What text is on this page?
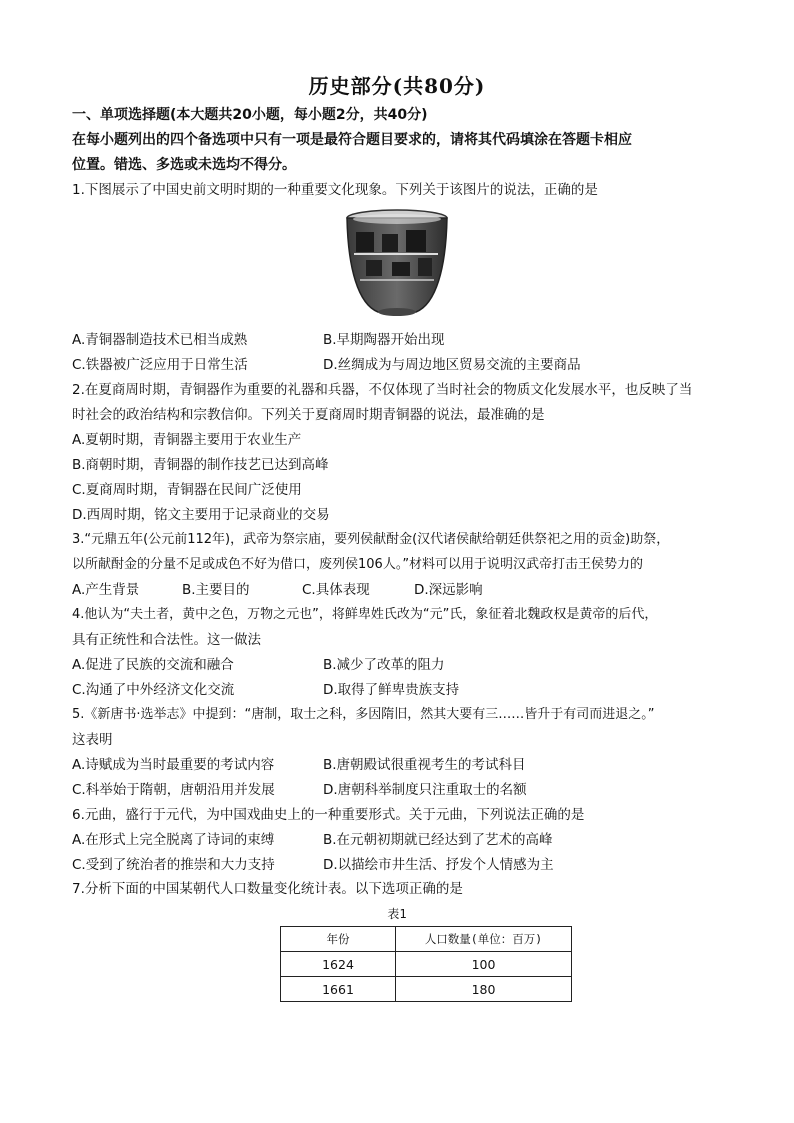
历史部分(共80分)
一、单项选择题(本大题共20小题，每小题2分，共40分)
在每小题列出的四个备选项中只有一项是最符合题目要求的，请将其代码填涂在答题卡相应
位置。错选、多选或未选均不得分。
1.下图展示了中国史前文明时期的一种重要文化现象。下列关于该图片的说法，正确的是
A.青铜器制造技术已相当成熟	B.早期陶器开始出现
C.铁器被广泛应用于日常生活	D.丝绸成为与周边地区贸易交流的主要商品
2.在夏商周时期，青铜器作为重要的礼器和兵器，不仅体现了当时社会的物质文化发展水平，也反映了当
时社会的政治结构和宗教信仰。下列关于夏商周时期青铜器的说法，最准确的是
A.夏朝时期，青铜器主要用于农业生产
B.商朝时期，青铜器的制作技艺已达到高峰
C.夏商周时期，青铜器在民间广泛使用
D.西周时期，铭文主要用于记录商业的交易
3.“元鼎五年(公元前112年)，武帝为祭宗庙，要列侯献酎金(汉代诸侯献给朝廷供祭祀之用的贡金)助祭，
以所献酎金的分量不足或成色不好为借口，废列侯106人。”材料可以用于说明汉武帝打击王侯势力的
A.产生背景	B.主要目的	C.具体表现	D.深远影响
4.他认为“夫土者，黄中之色，万物之元也”，将鲜卑姓氏改为“元”氏，象征着北魏政权是黄帝的后代，
具有正统性和合法性。这一做法
A.促进了民族的交流和融合	B.减少了改革的阻力
C.沟通了中外经济文化交流	D.取得了鲜卑贵族支持
5.《新唐书·选举志》中提到：“唐制，取士之科，多因隋旧，然其大要有三……皆升于有司而进退之。”
这表明
A.诗赋成为当时最重要的考试内容	B.唐朝殿试很重视考生的考试科目
C.科举始于隋朝，唐朝沿用并发展	D.唐朝科举制度只注重取士的名额
6.元曲，盛行于元代，为中国戏曲史上的一种重要形式。关于元曲，下列说法正确的是
A.在形式上完全脱离了诗词的束缚	B.在元朝初期就已经达到了艺术的高峰
C.受到了统治者的推崇和大力支持	D.以描绘市井生活、抒发个人情感为主
7.分析下面的中国某朝代人口数量变化统计表。以下选项正确的是
表1
年份	人口数量(单位：百万)
1624	100
1661	180
